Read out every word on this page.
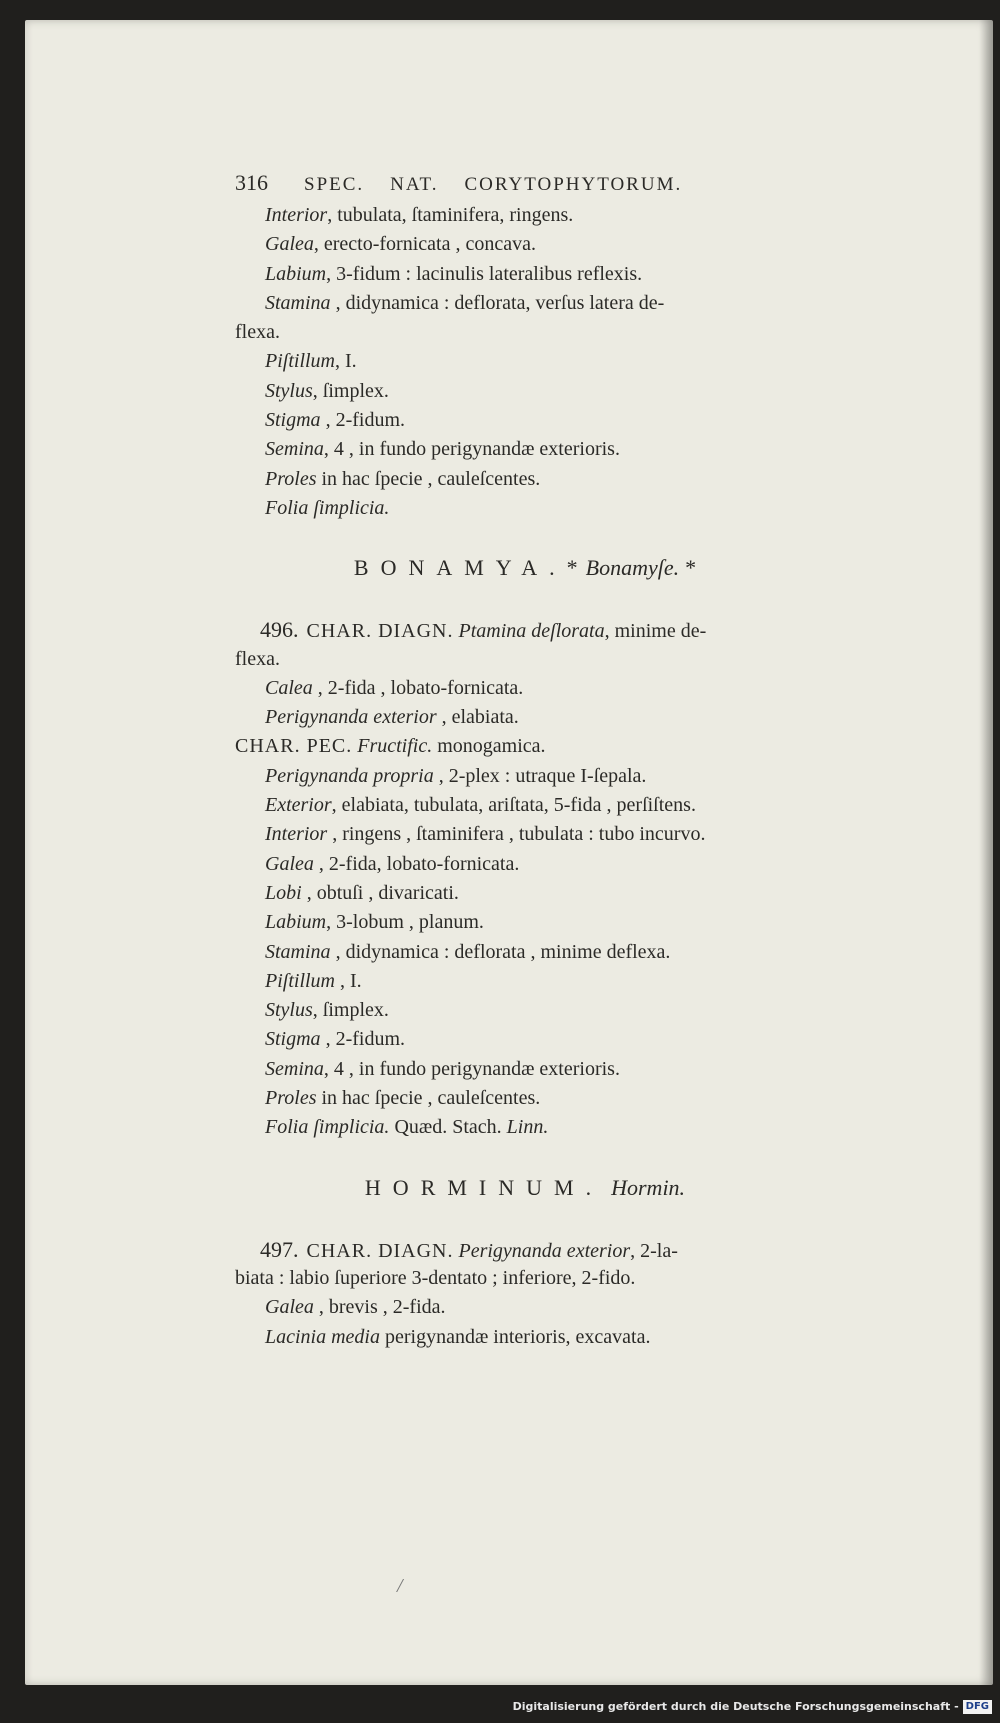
316 SPEC. NAT. CORYTOPHYTORUM.
Interior, tubulata, ſtaminifera, ringens.
Galea, erecto-fornicata , concava.
Labium, 3-fidum : lacinulis lateralibus reflexis.
Stamina , didynamica : deflorata, verſus latera de-
flexa.
Piſtillum, I.
Stylus, ſimplex.
Stigma , 2-fidum.
Semina, 4 , in fundo perigynandæ exterioris.
Proles in hac ſpecie , cauleſcentes.
Folia ſimplicia.
BONAMYA.* Bonamyſe. *
496. CHAR. DIAGN. Ptamina deſlorata, minime de-
flexa.
Calea , 2-fida , lobato-fornicata.
Perigynanda exterior , elabiata.
CHAR. PEC. Fructific. monogamica.
Perigynanda propria , 2-plex : utraque I-ſepala.
Exterior, elabiata, tubulata, ariſtata, 5-fida , perſiſtens.
Interior , ringens , ſtaminifera , tubulata : tubo incurvo.
Galea , 2-fida, lobato-fornicata.
Lobi , obtuſi , divaricati.
Labium, 3-lobum , planum.
Stamina , didynamica : deflorata , minime deflexa.
Piſtillum , I.
Stylus, ſimplex.
Stigma , 2-fidum.
Semina, 4 , in fundo perigynandæ exterioris.
Proles in hac ſpecie , cauleſcentes.
Folia ſimplicia. Quæd. Stach. Linn.
HORMINUM. Hormin.
497. CHAR. DIAGN. Perigynanda exterior, 2-la-
biata : labio ſuperiore 3-dentato ; inferiore, 2-fido.
Galea , brevis , 2-fida.
Lacinia media perigynandæ interioris, excavata.
/
Digitalisierung gefördert durch die Deutsche Forschungsgemeinschaft - DFG
